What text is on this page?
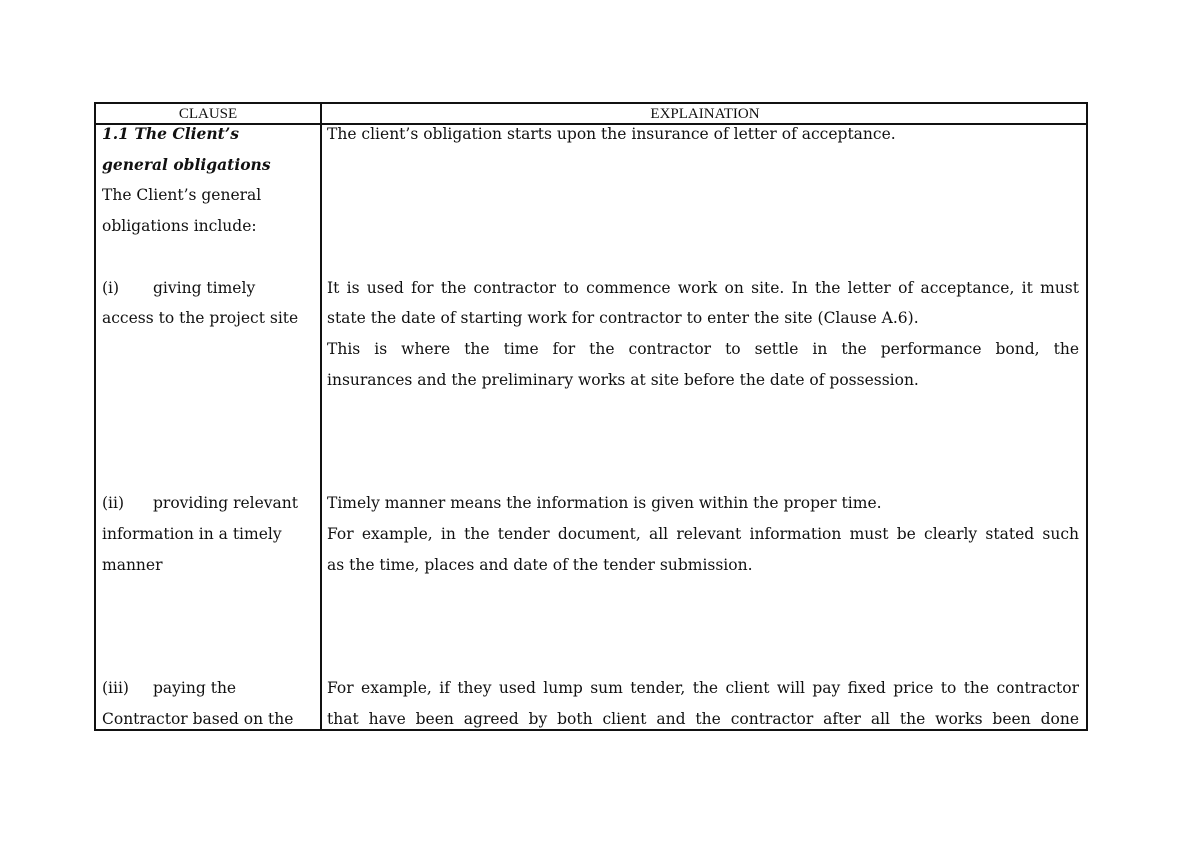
CLAUSE	EXPLAINATION
1.1 The Client’s
general obligations
The Client’s general
obligations include:
The client’s obligation starts upon the insurance of letter of acceptance.
(i) giving timely
access to the project site
It is used for the contractor to commence work on site. In the letter of acceptance, it must
state the date of starting work for contractor to enter the site (Clause A.6).
This is where the time for the contractor to settle in the performance bond, the
insurances and the preliminary works at site before the date of possession.
(ii) providing relevant
information in a timely
manner
Timely manner means the information is given within the proper time.
For example, in the tender document, all relevant information must be clearly stated such
as the time, places and date of the tender submission.
(iii) paying the
Contractor based on the
For example, if they used lump sum tender, the client will pay fixed price to the contractor
that have been agreed by both client and the contractor after all the works been done
